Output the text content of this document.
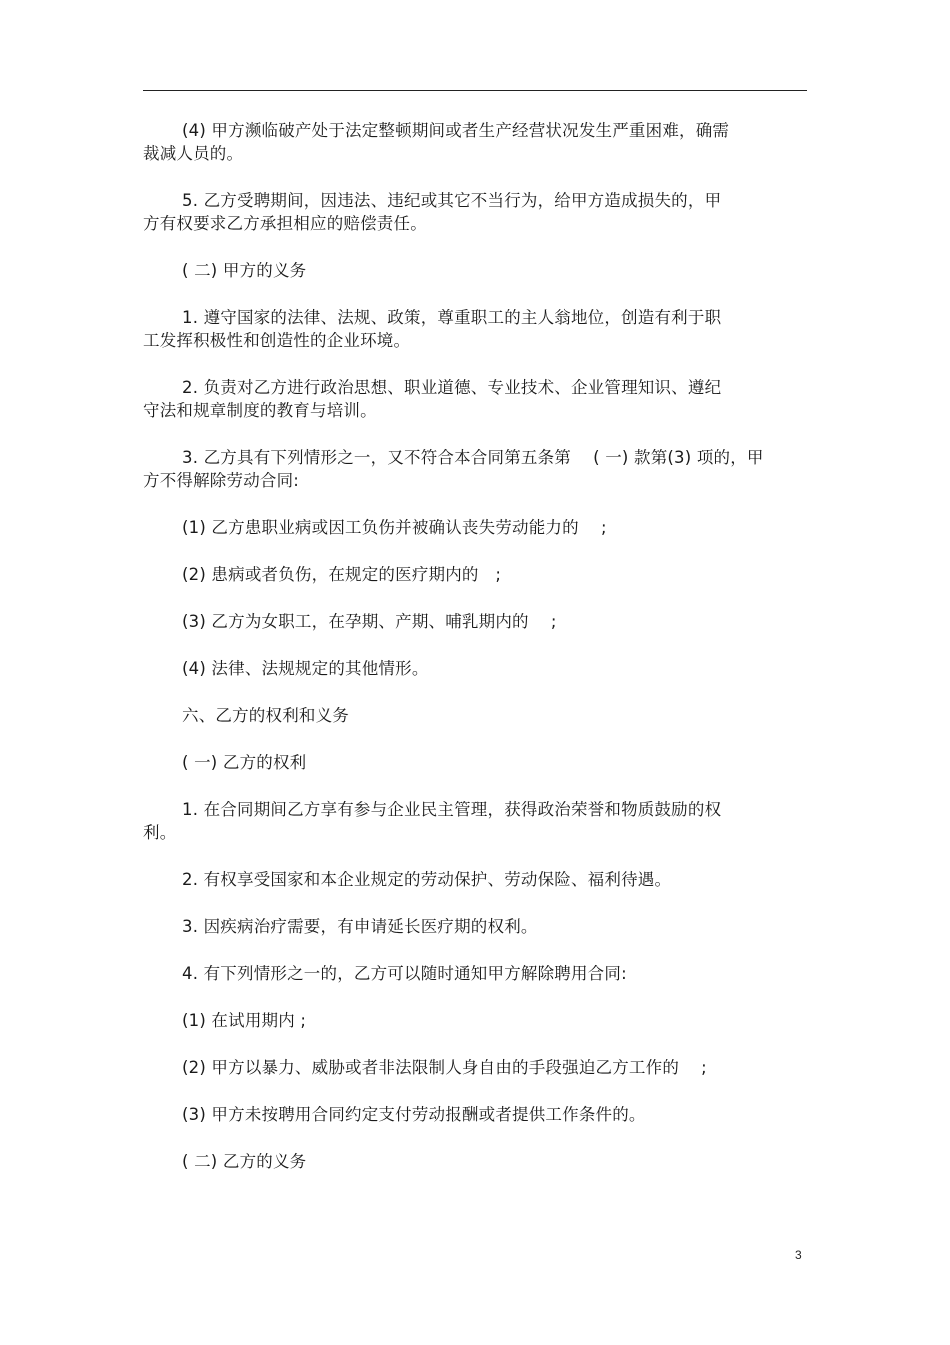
(4) 甲方濒临破产处于法定整顿期间或者生产经营状况发生严重困难，确需
裁减人员的。

5. 乙方受聘期间，因违法、违纪或其它不当行为，给甲方造成损失的，甲
方有权要求乙方承担相应的赔偿责任。

( 二) 甲方的义务

1. 遵守国家的法律、法规、政策，尊重职工的主人翁地位，创造有利于职
工发挥积极性和创造性的企业环境。

2. 负责对乙方进行政治思想、职业道德、专业技术、企业管理知识、遵纪
守法和规章制度的教育与培训。

3. 乙方具有下列情形之一，又不符合本合同第五条第　 ( 一) 款第(3) 项的，甲
方不得解除劳动合同:

(1) 乙方患职业病或因工负伤并被确认丧失劳动能力的　 ;

(2) 患病或者负伤，在规定的医疗期内的　;

(3) 乙方为女职工，在孕期、产期、哺乳期内的　 ;

(4) 法律、法规规定的其他情形。

六、乙方的权利和义务

( 一) 乙方的权利

1. 在合同期间乙方享有参与企业民主管理，获得政治荣誉和物质鼓励的权
利。

2. 有权享受国家和本企业规定的劳动保护、劳动保险、福利待遇。

3. 因疾病治疗需要，有申请延长医疗期的权利。

4. 有下列情形之一的，乙方可以随时通知甲方解除聘用合同:

(1) 在试用期内 ;

(2) 甲方以暴力、威胁或者非法限制人身自由的手段强迫乙方工作的　 ;

(3) 甲方未按聘用合同约定支付劳动报酬或者提供工作条件的。

( 二) 乙方的义务

3
